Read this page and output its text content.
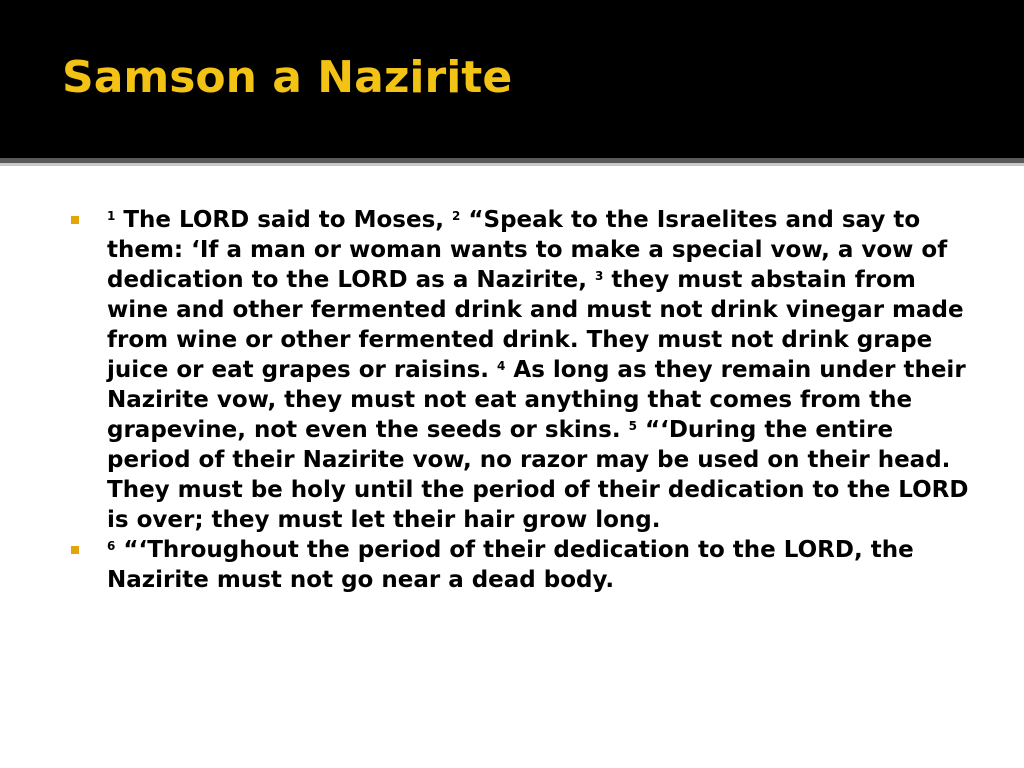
Samson a Nazirite
$^1$ The LORD said to Moses, $^2$ “Speak to the Israelites and say to them: ‘If a man or woman wants to make a special vow, a vow of dedication to the LORD as a Nazirite, $^3$ they must abstain from wine and other fermented drink and must not drink vinegar made from wine or other fermented drink. They must not drink grape juice or eat grapes or raisins. $^4$ As long as they remain under their Nazirite vow, they must not eat anything that comes from the grapevine, not even the seeds or skins. $^5$ “‘During the entire period of their Nazirite vow, no razor may be used on their head. They must be holy until the period of their dedication to the LORD is over; they must let their hair grow long.
$^6$ “‘Throughout the period of their dedication to the LORD, the Nazirite must not go near a dead body.
